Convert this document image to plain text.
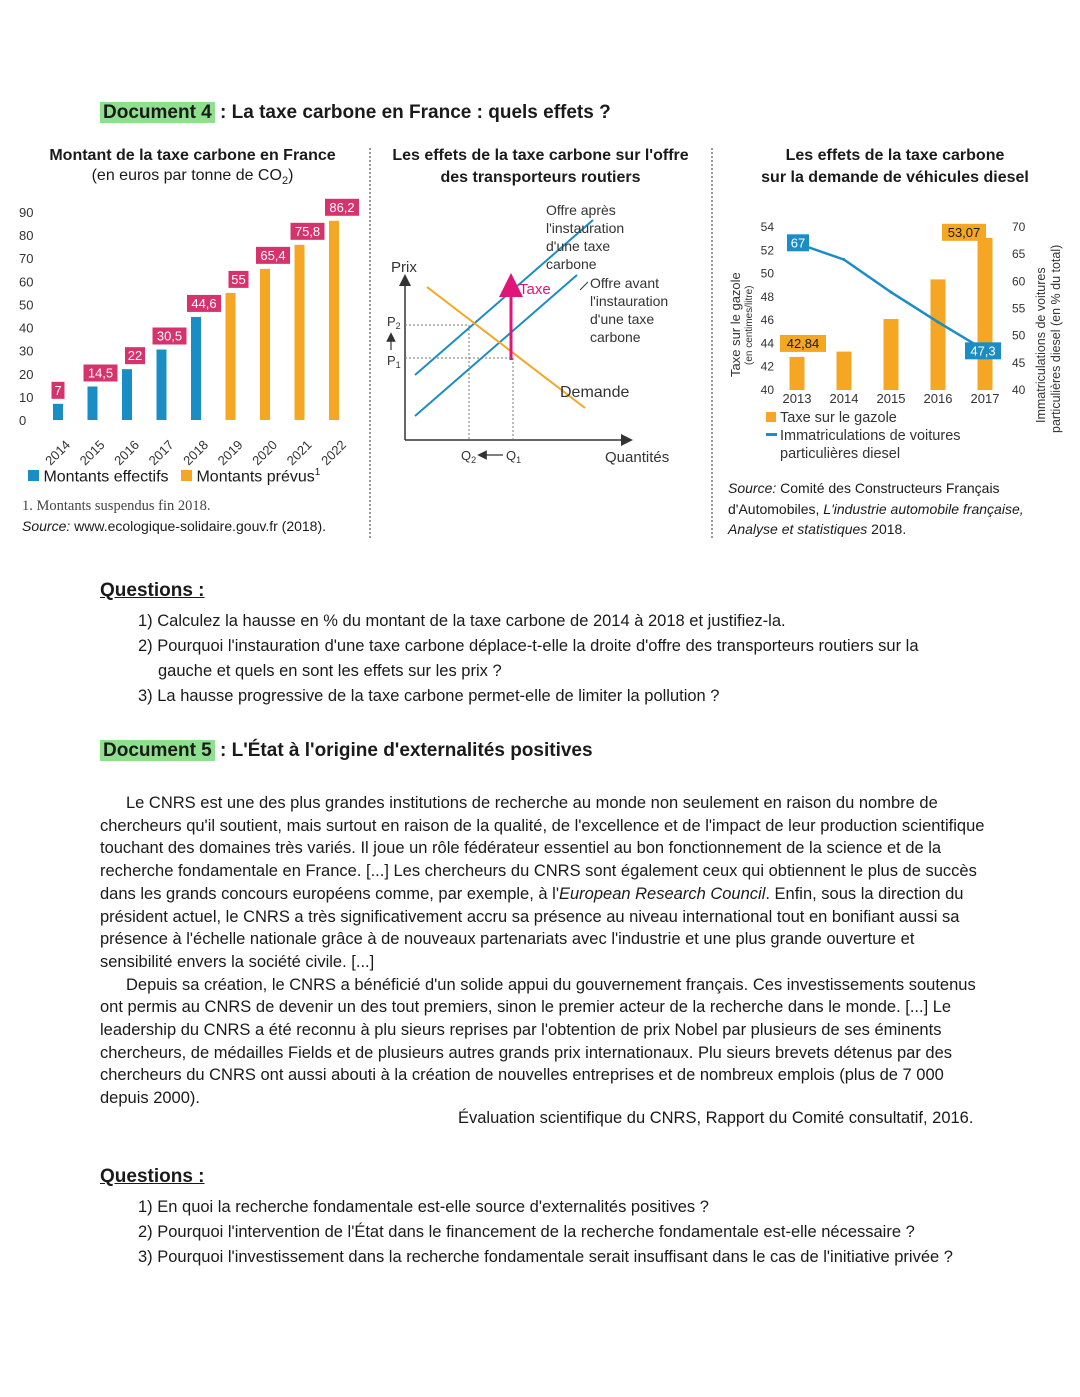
Document 4 : La taxe carbone en France : quels effets ?
Montant de la taxe carbone en France
(en euros par tonne de $CO_2$)
0
10
20
30
40
50
60
70
80
90
7
2014
14,5
2015
22
2016
30,5
2017
44,6
2018
55
2019
65,4
2020
75,8
2021
86,2
2022
Montants effectifs Montants prévus$^1$
1. Montants suspendus fin 2018.
Source: www.ecologique-solidaire.gouv.fr (2018).
Les effets de la taxe carbone sur l'offre
des transporteurs routiers
Prix
Quantités
Taxe
$P_2$
$P_1$
$Q_2$ $Q_1$
Demande
Offre après
l'instauration
d'une taxe
carbone
Offre avant
l'instauration
d'une taxe
carbone
Les effets de la taxe carbone
sur la demande de véhicules diesel
40
42
44
46
48
50
52
54
40
45
50
55
60
65
70
2013 2014 2015 2016 2017
42,84
53,07
67
47,3
Taxe sur le gazole (en centimes/litre)	Immatriculations de voitures particulières diesel (en % du total)
Taxe sur le gazole
Immatriculations de voitures
particulières diesel
Source: Comité des Constructeurs Français
d'Automobiles, L'industrie automobile française,
Analyse et statistiques 2018.
Questions :
1) Calculez la hausse en % du montant de la taxe carbone de 2014 à 2018 et justifiez-la.
2) Pourquoi l'instauration d'une taxe carbone déplace-t-elle la droite d'offre des transporteurs routiers sur la gauche et quels en sont les effets sur les prix ?
3) La hausse progressive de la taxe carbone permet-elle de limiter la pollution ?
Document 5 : L'État à l'origine d'externalités positives
Le CNRS est une des plus grandes institutions de recherche au monde non seulement en raison du nombre de chercheurs qu'il soutient, mais surtout en raison de la qualité, de l'excellence et de l'impact de leur production scientifique touchant des domaines très variés. Il joue un rôle fédérateur essentiel au bon fonctionnement de la science et de la recherche fondamentale en France. [...] Les chercheurs du CNRS sont également ceux qui obtiennent le plus de succès dans les grands concours européens comme, par exemple, à l'European Research Council. Enfin, sous la direction du président actuel, le CNRS a très significativement accru sa présence au niveau international tout en bonifiant aussi sa présence à l'échelle nationale grâce à de nouveaux partenariats avec l'industrie et une plus grande ouverture et sensibilité envers la société civile. [...]
Depuis sa création, le CNRS a bénéficié d'un solide appui du gouvernement français. Ces investissements soutenus ont permis au CNRS de devenir un des tout premiers, sinon le premier acteur de la recherche dans le monde. [...] Le leadership du CNRS a été reconnu à plu sieurs reprises par l'obtention de prix Nobel par plusieurs de ses éminents chercheurs, de médailles Fields et de plusieurs autres grands prix internationaux. Plu sieurs brevets détenus par des chercheurs du CNRS ont aussi abouti à la création de nouvelles entreprises et de nombreux emplois (plus de 7 000 depuis 2000).
Évaluation scientifique du CNRS, Rapport du Comité consultatif, 2016.
Questions :
1) En quoi la recherche fondamentale est-elle source d'externalités positives ?
2) Pourquoi l'intervention de l'État dans le financement de la recherche fondamentale est-elle nécessaire ?
3) Pourquoi l'investissement dans la recherche fondamentale serait insuffisant dans le cas de l'initiative privée ?
